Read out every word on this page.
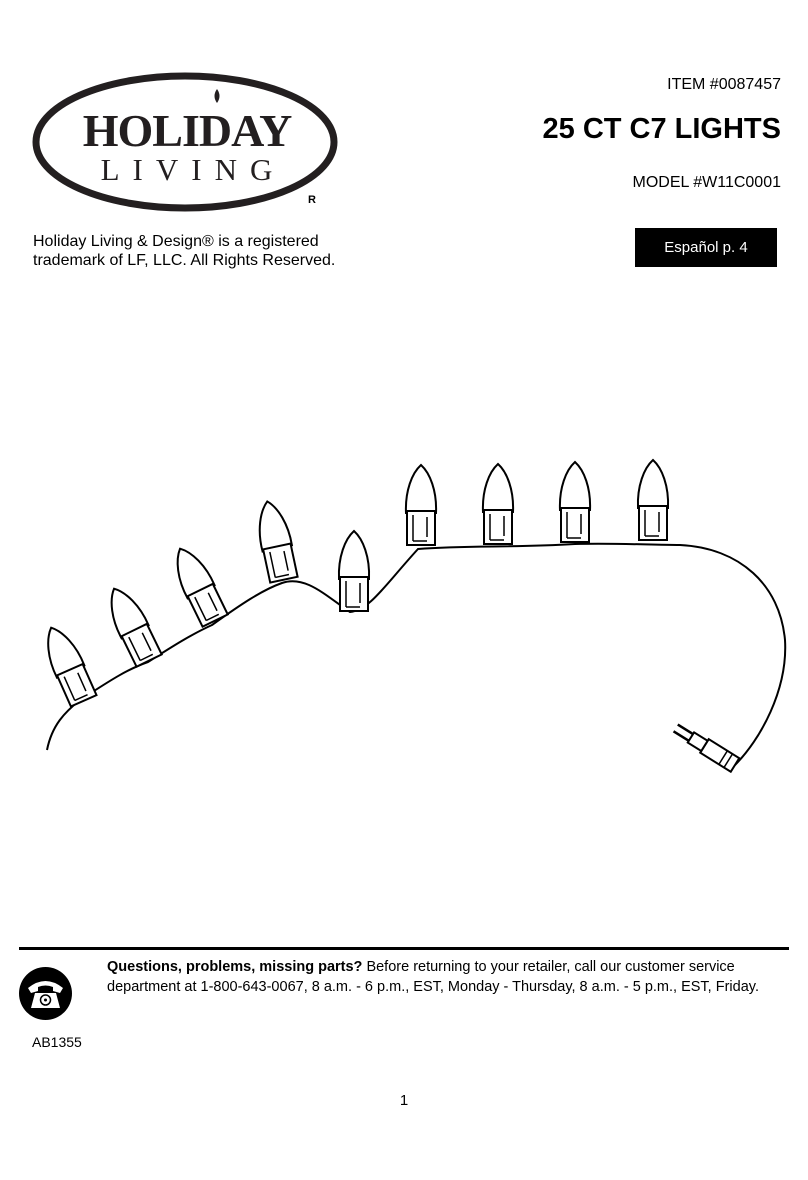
HOLIDAY
LIVING
R
ITEM #0087457
25 CT C7 LIGHTS
MODEL #W11C0001
Español p. 4
Holiday Living & Design® is a registered
trademark of LF, LLC. All Rights Reserved.
Questions, problems, missing parts? Before returning to your retailer, call our customer service department at 1-800-643-0067, 8 a.m. - 6 p.m., EST, Monday - Thursday, 8 a.m. - 5 p.m., EST, Friday.
AB1355
1
